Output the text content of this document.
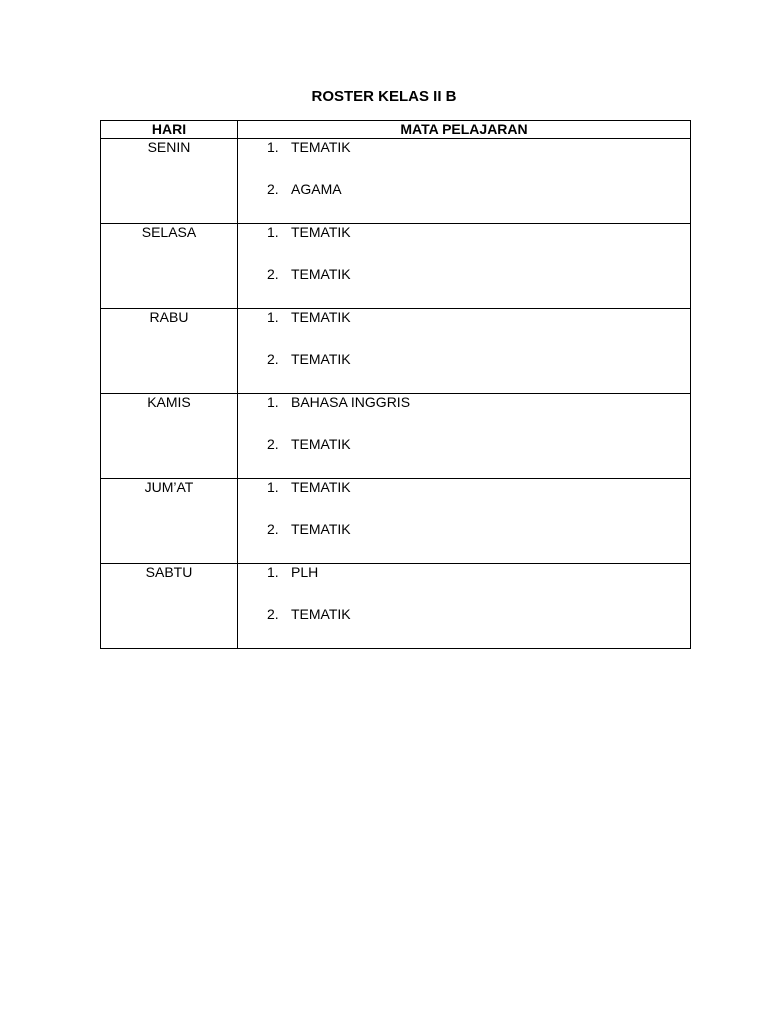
ROSTER KELAS II B
HARI	MATA PELAJARAN
SENIN	1. TEMATIK
2. AGAMA

SELASA	1. TEMATIK
2. TEMATIK

RABU	1. TEMATIK
2. TEMATIK

KAMIS	1. BAHASA INGGRIS
2. TEMATIK

JUM’AT	1. TEMATIK
2. TEMATIK

SABTU	1. PLH
2. TEMATIK
